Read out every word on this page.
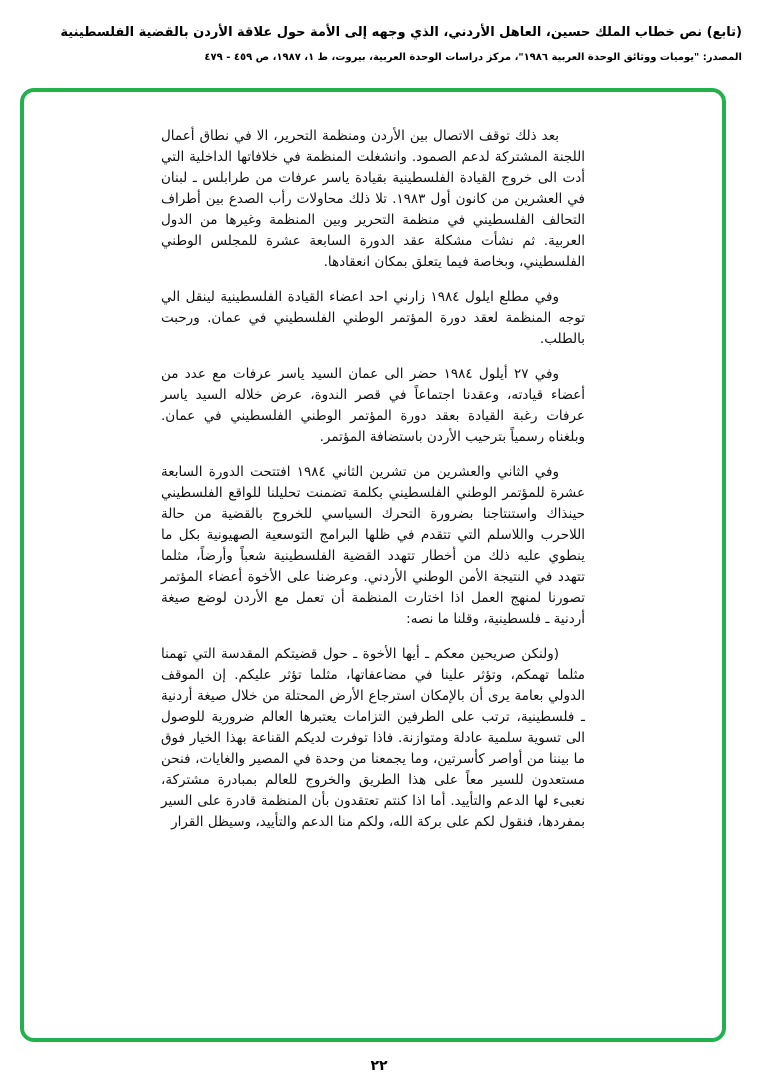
(تابع) نص خطاب الملك حسين، العاهل الأردني، الذي وجهه إلى الأمة حول علاقة الأردن بالقضية الفلسطينية
المصدر: "يوميات ووثائق الوحدة العربية ١٩٨٦"، مركز دراسات الوحدة العربية، بيروت، ط ١، ١٩٨٧، ص ٤٥٩ - ٤٧٩

بعد ذلك توقف الاتصال بين الأردن ومنظمة التحرير، الا في نطاق أعمال اللجنة المشتركة لدعم الصمود. وانشغلت المنظمة في خلافاتها الداخلية التي أدت الى خروج القيادة الفلسطينية بقيادة ياسر عرفات من طرابلس ـ لبنان في العشرين من كانون أول ١٩٨٣. تلا ذلك محاولات رأب الصدع بين أطراف التحالف الفلسطيني في منظمة التحرير وبين المنظمة وغيرها من الدول العربية. ثم نشأت مشكلة عقد الدورة السابعة عشرة للمجلس الوطني الفلسطيني، وبخاصة فيما يتعلق بمكان انعقادها.

وفي مطلع ايلول ١٩٨٤ زارني احد اعضاء القيادة الفلسطينية لينقل الي توجه المنظمة لعقد دورة المؤتمر الوطني الفلسطيني في عمان. ورحبت بالطلب.

وفي ٢٧ أيلول ١٩٨٤ حضر الى عمان السيد ياسر عرفات مع عدد من أعضاء قيادته، وعقدنا اجتماعاً في قصر الندوة، عرض خلاله السيد ياسر عرفات رغبة القيادة بعقد دورة المؤتمر الوطني الفلسطيني في عمان. وبلغناه رسمياً بترحيب الأردن باستضافة المؤتمر.

وفي الثاني والعشرين من تشرين الثاني ١٩٨٤ افتتحت الدورة السابعة عشرة للمؤتمر الوطني الفلسطيني بكلمة تضمنت تحليلنا للواقع الفلسطيني حينذاك واستنتاجنا بضرورة التحرك السياسي للخروج بالقضية من حالة اللاحرب واللاسلم التي تتقدم في ظلها البرامج التوسعية الصهيونية بكل ما ينطوي عليه ذلك من أخطار تتهدد القضية الفلسطينية شعباً وأرضاً، مثلما تتهدد في النتيجة الأمن الوطني الأردني. وعرضنا على الأخوة أعضاء المؤتمر تصورنا لمنهج العمل اذا اختارت المنظمة أن تعمل مع الأردن لوضع صيغة أردنية ـ فلسطينية، وقلنا ما نصه:

(ولنكن صريحين معكم ـ أيها الأخوة ـ حول قضيتكم المقدسة التي تهمنا مثلما تهمكم، وتؤثر علينا في مضاعفاتها، مثلما تؤثر عليكم. إن الموقف الدولي بعامة يرى أن بالإمكان استرجاع الأرض المحتلة من خلال صيغة أردنية ـ فلسطينية، ترتب على الطرفين التزامات يعتبرها العالم ضرورية للوصول الى تسوية سلمية عادلة ومتوازنة. فاذا توفرت لديكم القناعة بهذا الخيار فوق ما بيننا من أواصر كأسرتين، وما يجمعنا من وحدة في المصير والغايات، فنحن مستعدون للسير معاً على هذا الطريق والخروج للعالم بمبادرة مشتركة، نعبىء لها الدعم والتأييد. أما اذا كنتم تعتقدون بأن المنظمة قادرة على السير بمفردها، فنقول لكم على بركة الله، ولكم منا الدعم والتأييد، وسيظل القرار

٢٢
